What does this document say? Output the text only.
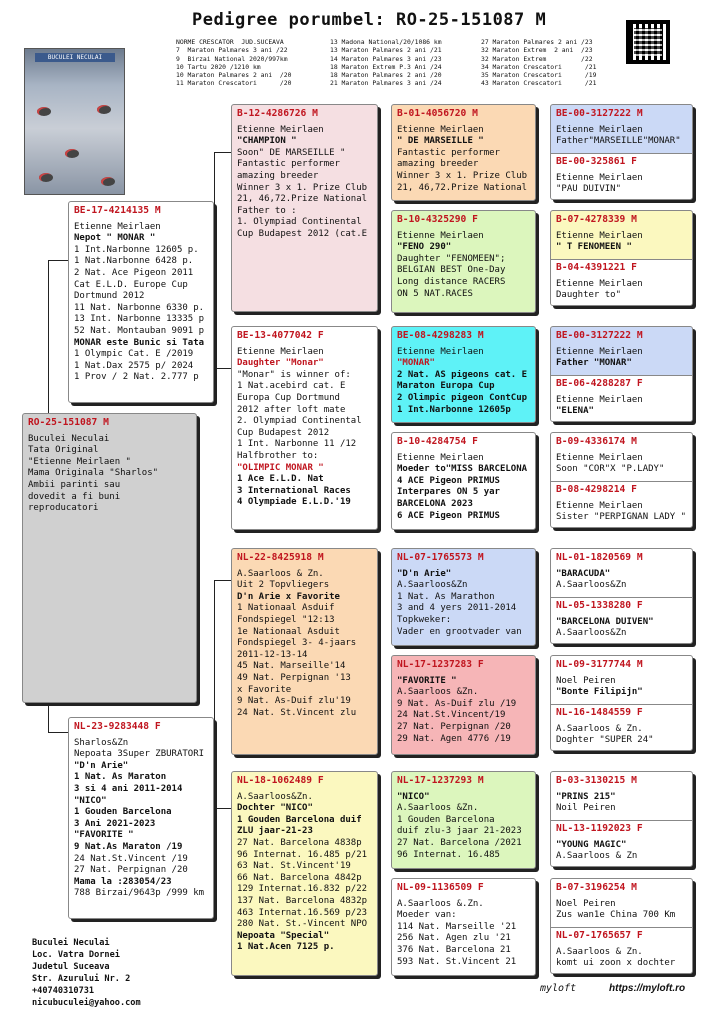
Pedigree porumbel: RO-25-151087 M
NORME CRESCATOR  JUD.SUCEAVA
7  Maraton Palmares 3 ani /22
9  Birzai National 2020/997km
10 Tartu 2020 /1210 km
10 Maraton Palmares 2 ani  /20
11 Maraton Crescatori      /20
13 Madona National/20/1086 km
13 Maraton Palmares 2 ani /21
14 Maraton Palmares 3 ani /23
18 Maraton Extrem P.3 Ani /24
18 Maraton Palmares 2 ani /20
21 Maraton Palmares 3 ani /24
27 Maraton Palmares 2 ani /23
32 Maraton Extrem  2 ani  /23
32 Maraton Extrem         /22
34 Maraton Crescatori      /21
35 Maraton Crescatori      /19
43 Maraton Crescatori      /21
BUCULEI NECULAI
RO-25-151087 M
Buculei Neculai
Tata Original
"Etienne Meirlaen "
Mama Originala "Sharlos"
Ambii parinti sau
dovedit a fi buni
reproducatori
BE-17-4214135 M
Etienne Meirlaen
Nepot " MONAR "
1 Int.Narbonne 12605 p.
1 Nat.Narbonne 6428 p.
2 Nat. Ace Pigeon 2011
Cat E.L.D. Europe Cup
Dortmund 2012
11 Nat. Narbonne 6330 p.
13 Int. Narbonne 13335 p
52 Nat. Montauban 9091 p
MONAR este Bunic si Tata
1 Olympic Cat. E /2019
1 Nat.Dax 2575 p/ 2024
1 Prov / 2 Nat. 2.777 p
NL-23-9283448 F
Sharlos&Zn
Nepoata 3Super ZBURATORI
"D'n Arie"
1 Nat. As Maraton
3 si 4 ani 2011-2014
"NICO"
1 Gouden Barcelona
3 Ani 2021-2023
"FAVORITE "
9 Nat.As Maraton /19
24 Nat.St.Vincent /19
27 Nat. Perpignan /20
Mama la :283054/23
788 Birzai/9643p /999 km
B-12-4286726 M
Etienne Meirlaen
"CHAMPION "
Soon" DE MARSEILLE "
Fantastic performer
amazing breeder
Winner 3 x 1. Prize Club
21, 46,72.Prize National
Father to :
1. Olympiad Continental
Cup Budapest 2012 (cat.E
BE-13-4077042 F
Etienne Meirlaen
Daughter "Monar"
"Monar" is winner of:
1 Nat.acebird cat. E
Europa Cup Dortmund
2012 after loft mate
2. Olympiad Continental
Cup Budapest 2012
1 Int. Narbonne 11 /12
Halfbrother to:
"OLIMPIC MONAR "
1 Ace E.L.D. Nat
3 International Races
4 Olympiade E.L.D.'19
NL-22-8425918 M
A.Saarloos & Zn.
Uit 2 Topvliegers
D'n Arie x Favorite
1 Nationaal Asduif
Fondspiegel "12:13
1e Nationaal Asduit
Fondspiegel 3- 4-jaars
2011-12-13-14
45 Nat. Marseille'14
49 Nat. Perpignan '13
x Favorite
9 Nat. As-Duif zlu'19
24 Nat. St.Vincent zlu
NL-18-1062489 F
A.Saarloos&Zn.
Dochter "NICO"
1 Gouden Barcelona duif
ZLU jaar-21-23
27 Nat. Barcelona 4838p
96 Internat. 16.485 p/21
63 Nat. St.Vincent'19
66 Nat. Barcelona 4842p
129 Internat.16.832 p/22
137 Nat. Barcelona 4832p
463 Internat.16.569 p/23
280 Nat. St.-Vincent NPO
Nepoata "Special"
1 Nat.Acen 7125 p.
B-01-4056720 M
Etienne Meirlaen
" DE MARSEILLE "
Fantastic performer
amazing breeder
Winner 3 x 1. Prize Club
21, 46,72.Prize National
B-10-4325290 F
Etienne Meirlaen
"FENO 290"
Daughter "FENOMEEN";
BELGIAN BEST One-Day
Long distance RACERS
ON 5 NAT.RACES
BE-08-4298283 M
Etienne Meirlaen
"MONAR"
2 Nat. AS pigeons cat. E
Maraton Europa Cup
2 Olimpic pigeon ContCup
1 Int.Narbonne 12605p
B-10-4284754 F
Etienne Meirlaen
Moeder to"MISS BARCELONA
4 ACE Pigeon PRIMUS
Interpares ON 5 yar
BARCELONA 2023
6 ACE Pigeon PRIMUS
NL-07-1765573 M
"D'n Arie"
A.Saarloos&Zn
1 Nat. As Marathon
3 and 4 yers 2011-2014
Topkweker:
Vader en grootvader van
NL-17-1237283 F
"FAVORITE "
A.Saarloos &Zn.
9 Nat. As-Duif zlu /19
24 Nat.St.Vincent/19
27 Nat. Perpignan /20
29 Nat. Agen 4776 /19
NL-17-1237293 M
"NICO"
A.Saarloos &Zn.
1 Gouden Barcelona
duif zlu-3 jaar 21-2023
27 Nat. Barcelona /2021
96 Internat. 16.485
NL-09-1136509 F
A.Saarloos &.Zn.
Moeder van:
114 Nat. Marseille '21
256 Nat. Agen zlu '21
376 Nat. Barcelona 21
593 Nat. St.Vincent 21
BE-00-3127222 M
Etienne Meirlaen
Father"MARSEILLE"MONAR"
BE-00-325861 F
Etienne Meirlaen
"PAU DUIVIN"
B-07-4278339 M
Etienne Meirlaen
" T FENOMEEN "
B-04-4391221 F
Etienne Meirlaen
Daughter to"
BE-00-3127222 M
Etienne Meirlaen
Father "MONAR"
BE-06-4288287 F
Etienne Meirlaen
"ELENA"
B-09-4336174 M
Etienne Meirlaen
Soon "COR"X "P.LADY"
B-08-4298214 F
Etienne Meirlaen
Sister "PERPIGNAN LADY "
NL-01-1820569 M
"BARACUDA"
A.Saarloos&Zn
NL-05-1338280 F
"BARCELONA DUIVEN"
A.Saarloos&Zn
NL-09-3177744 M
Noel Peiren
"Bonte Filipijn"
NL-16-1484559 F
A.Saarloos & Zn.
Doghter "SUPER 24"
B-03-3130215 M
"PRINS 215"
Noil Peiren
NL-13-1192023 F
"YOUNG MAGIC"
A.Saarloos & Zn
B-07-3196254 M
Noel Peiren
Zus wan1e China 700 Km
NL-07-1765657 F
A.Saarloos & Zn.
komt ui zoon x dochter
Buculei Neculai
Loc. Vatra Dornei
Judetul Suceava
Str. Azurului Nr. 2
+40740310731
nicubuculei@yahoo.com
myloft	https://myloft.ro
